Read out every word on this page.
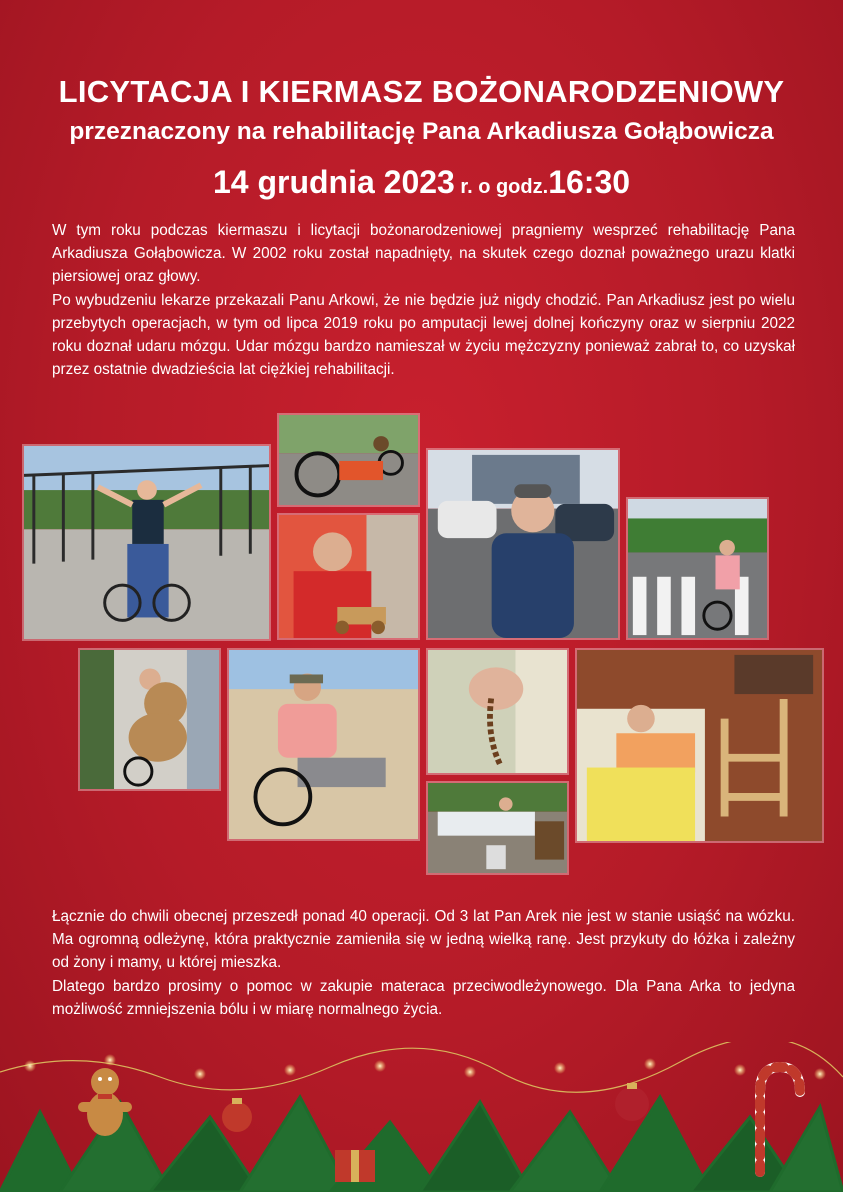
LICYTACJA I KIERMASZ BOŻONARODZENIOWY
przeznaczony na rehabilitację Pana Arkadiusza Gołąbowicza
14 grudnia 2023 r. o godz.16:30

W tym roku podczas kiermaszu i licytacji bożonarodzeniowej pragniemy wesprzeć rehabilitację Pana Arkadiusza Gołąbowicza. W 2002 roku został napadnięty, na skutek czego doznał poważnego urazu klatki piersiowej oraz głowy.

Po wybudzeniu lekarze przekazali Panu Arkowi, że nie będzie już nigdy chodzić. Pan Arkadiusz jest po wielu przebytych operacjach, w tym od lipca 2019 roku po amputacji lewej dolnej kończyny oraz w sierpniu 2022 roku doznał udaru mózgu. Udar mózgu bardzo namieszał w życiu mężczyzny ponieważ zabrał to, co uzyskał przez ostatnie dwadzieścia lat ciężkiej rehabilitacji.

Łącznie do chwili obecnej przeszedł ponad 40 operacji. Od 3 lat Pan Arek nie jest w stanie usiąść na wózku. Ma ogromną odleżynę, która praktycznie zamieniła się w jedną wielką ranę. Jest przykuty do łóżka i zależny od żony i mamy, u której mieszka.

Dlatego bardzo prosimy o pomoc w zakupie materaca przeciwodleżynowego. Dla Pana Arka to jedyna możliwość zmniejszenia bólu i w miarę normalnego życia.
